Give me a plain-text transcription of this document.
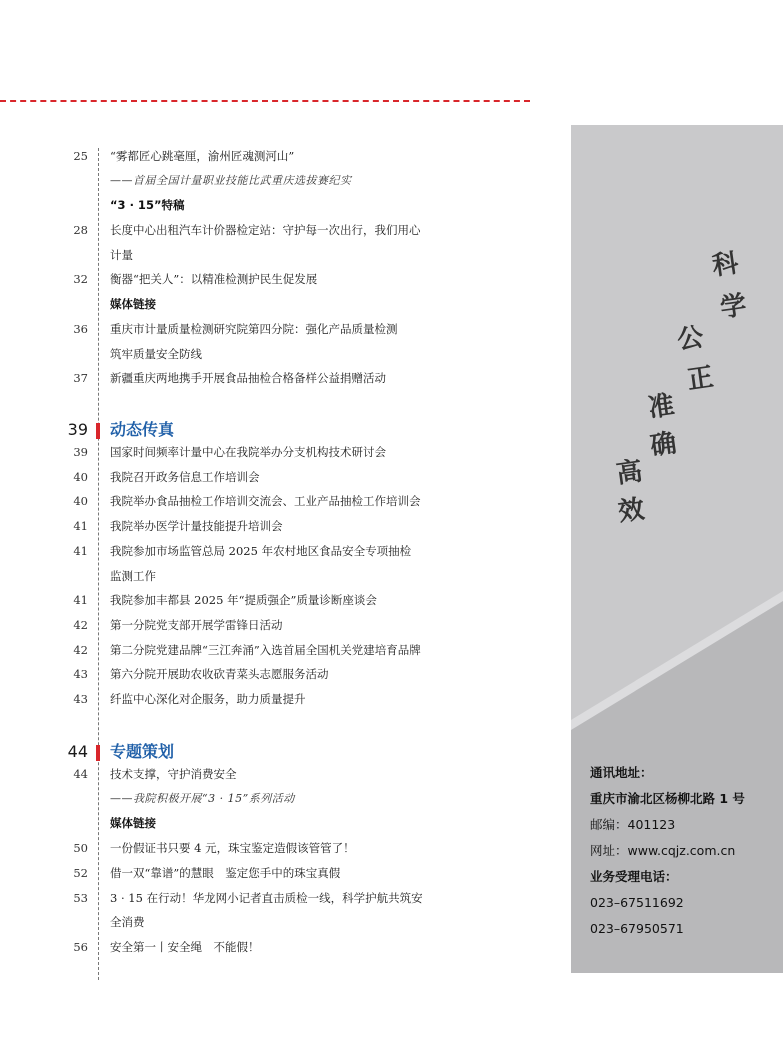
25 “雾都匠心跳毫厘，渝州匠魂测河山”
——首届全国计量职业技能比武重庆选拔赛纪实
“3 · 15”特稿
28 长度中心出租汽车计价器检定站：守护每一次出行，我们用心
计量
32 衡器“把关人”：以精准检测护民生促发展
媒体链接
36 重庆市计量质量检测研究院第四分院：强化产品质量检测
筑牢质量安全防线
37 新疆重庆两地携手开展食品抽检合格备样公益捐赠活动
39 动态传真
39 国家时间频率计量中心在我院举办分支机构技术研讨会
40 我院召开政务信息工作培训会
40 我院举办食品抽检工作培训交流会、工业产品抽检工作培训会
41 我院举办医学计量技能提升培训会
41 我院参加市场监管总局 2025 年农村地区食品安全专项抽检
监测工作
41 我院参加丰都县 2025 年“提质强企”质量诊断座谈会
42 第一分院党支部开展学雷锋日活动
42 第二分院党建品牌“三江奔涌”入选首届全国机关党建培育品牌
43 第六分院开展助农收砍青菜头志愿服务活动
43 纤监中心深化对企服务，助力质量提升
44 专题策划
44 技术支撑，守护消费安全
——我院积极开展“3 · 15”系列活动
媒体链接
50 一份假证书只要 4 元，珠宝鉴定造假该管管了！
52 借一双“靠谱”的慧眼　鉴定您手中的珠宝真假
53 3 · 15 在行动！华龙网小记者直击质检一线，科学护航共筑安
全消费
56 安全第一丨安全绳　不能假！
科
学
公
正
准
确
高
效
通讯地址：
重庆市渝北区杨柳北路 1 号
邮编：401123
网址：www.cqjz.com.cn
业务受理电话：
023–67511692
023–67950571
